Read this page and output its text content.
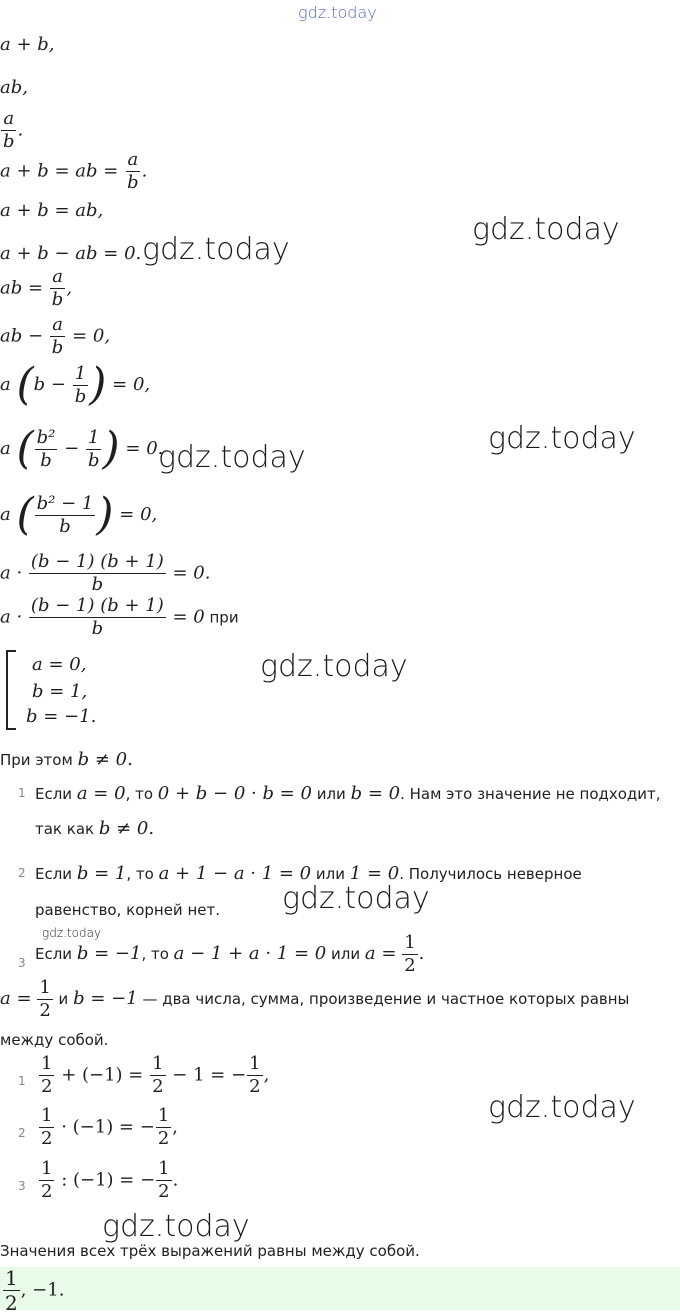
gdz.today
gdz.today
gdz.today
gdz.today
gdz.today
gdz.today
gdz.today
gdz.today
gdz.today
gdz.today
a + b,
ab,
$\frac{a}{b}$ .
a + b = ab = $\frac{a}{b}$ .
a + b = ab,
a + b − ab = 0.
ab = $\frac{a}{b}$ ,
ab − $\frac{a}{b} = 0$,
a ($b - \frac{1}{b}$ ) = 0,
a ( $\frac{\text{b²}}{b} - \frac{1}{b}$ ) = 0.
a ( $\frac{\text{b² − 1}}{b}$ ) = 0,
$a \cdot \frac{(b - 1) (b + 1)}{b} = 0$.
$a \cdot \frac{(b - 1) (b + 1)}{b} = 0$ при
a = 0,
b = 1,
b = −1.
При этом b ≠ 0.
1 Если a = 0, то 0 + b − 0 · b = 0 или b = 0. Нам это значение не подходит,
так как b ≠ 0.
2 Если b = 1, то a + 1 − a · 1 = 0 или 1 = 0. Получилось неверное
равенство, корней нет.
3 Если b = −1, то a − 1 + a · 1 = 0 или $a = \frac{1}{2}$ .
$a = \frac{1}{2}$ и b = −1 — два числа, сумма, произведение и частное которых равны
между собой.
$1 \frac{1}{2} + (-1) = \frac{1}{2} - 1$ = − $\frac{1}{2}$ ,
$2 \frac{1}{2} \cdot (-1)$ = − $\frac{1}{2}$ ,
$3 \frac{1}{2}$ : (−1) = − $\frac{1}{2}$ .
Значения всех трёх выражений равны между собой.
$\frac{1}{2}$ , −1.
